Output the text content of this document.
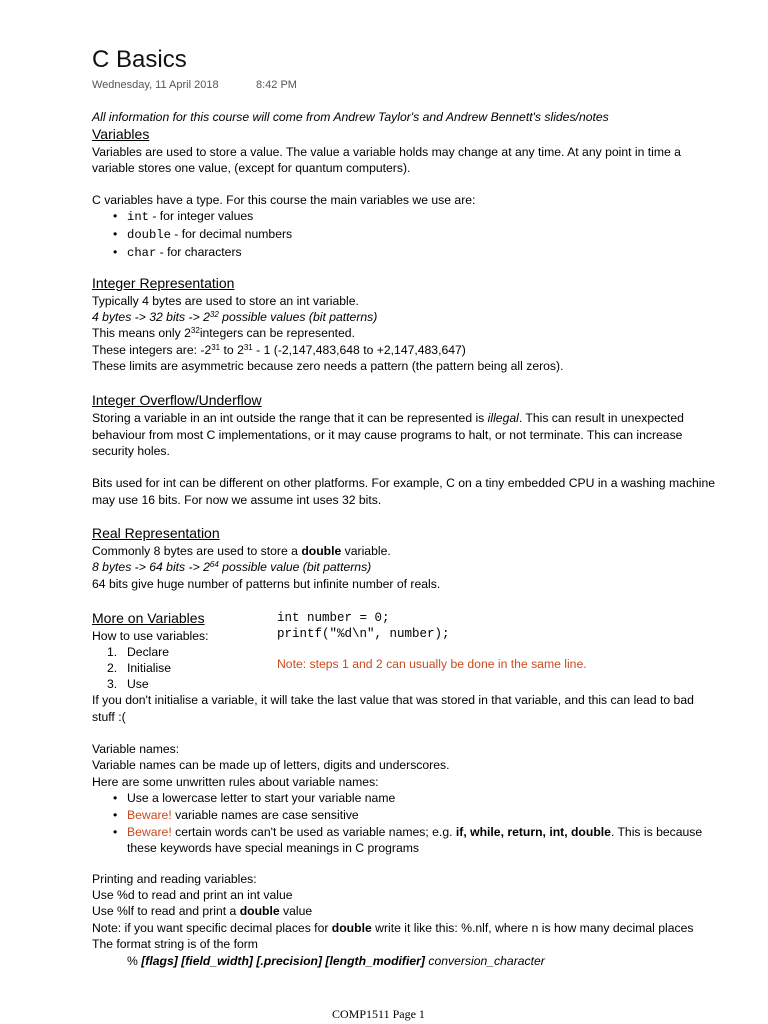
C Basics
Wednesday, 11 April 2018	8:42 PM
All information for this course will come from Andrew Taylor's and Andrew Bennett's slides/notes
Variables
Variables are used to store a value. The value a variable holds may change at any time. At any point in time a
variable stores one value, (except for quantum computers).
C variables have a type. For this course the main variables we use are:
• int - for integer values
• double - for decimal numbers
• char - for characters
Integer Representation
Typically 4 bytes are used to store an int variable.
4 bytes -> 32 bits -> $2^{32}$ possible values (bit patterns)
This means only $2^{32}integers$ can be represented.
These integers are: $-2^{31}$ to $2^{31} - 1$ (-2,147,483,648 to +2,147,483,647)
These limits are asymmetric because zero needs a pattern (the pattern being all zeros).
Integer Overflow/Underflow
Storing a variable in an int outside the range that it can be represented is illegal. This can result in unexpected
behaviour from most C implementations, or it may cause programs to halt, or not terminate. This can increase
security holes.
Bits used for int can be different on other platforms. For example, C on a tiny embedded CPU in a washing machine
may use 16 bits. For now we assume int uses 32 bits.
Real Representation
Commonly 8 bytes are used to store a double variable.
8 bytes -> 64 bits -> $2^{64}$ possible value (bit patterns)
64 bits give huge number of patterns but infinite number of reals.
More on Variables	int number = 0;
printf("%d\n", number);
How to use variables:
1. Declare
2. Initialise
3. Use
Note: steps 1 and 2 can usually be done in the same line.
If you don't initialise a variable, it will take the last value that was stored in that variable, and this can lead to bad
stuff :(
Variable names:
Variable names can be made up of letters, digits and underscores.
Here are some unwritten rules about variable names:
• Use a lowercase letter to start your variable name
• Beware! variable names are case sensitive
• Beware! certain words can't be used as variable names; e.g. if, while, return, int, double. This is because
these keywords have special meanings in C programs
Printing and reading variables:
Use %d to read and print an int value
Use %lf to read and print a double value
Note: if you want specific decimal places for double write it like this: %.nlf, where n is how many decimal places
The format string is of the form
% [flags] [field_width] [.precision] [length_modifier] conversion_character
COMP1511 Page 1
